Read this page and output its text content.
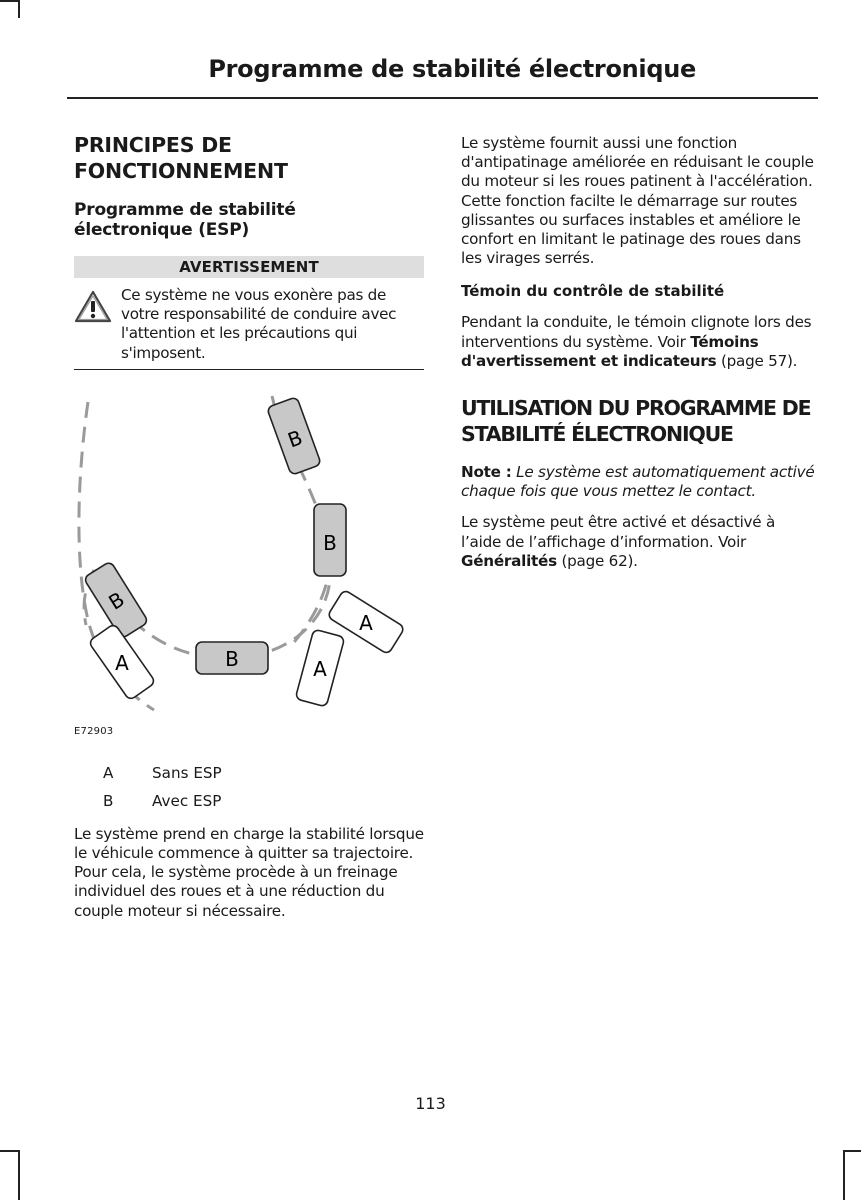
Programme de stabilité électronique
PRINCIPES DE FONCTIONNEMENT
Programme de stabilité électronique (ESP)
AVERTISSEMENT
Ce système ne vous exonère pas de votre responsabilité de conduire avec l'attention et les précautions qui s'imposent.
B
B
B
B
A	A
A
E72903
A	Sans ESP
B	Avec ESP

Le système prend en charge la stabilité lorsque le véhicule commence à quitter sa trajectoire. Pour cela, le système procède à un freinage individuel des roues et à une réduction du couple moteur si nécessaire.

Le système fournit aussi une fonction d'antipatinage améliorée en réduisant le couple du moteur si les roues patinent à l'accélération. Cette fonction facilte le démarrage sur routes glissantes ou surfaces instables et améliore le confort en limitant le patinage des roues dans les virages serrés.

Témoin du contrôle de stabilité

Pendant la conduite, le témoin clignote lors des interventions du système. Voir Témoins d'avertissement et indicateurs (page 57).

UTILISATION DU PROGRAMME DE STABILITÉ ÉLECTRONIQUE

Note : Le système est automatiquement activé chaque fois que vous mettez le contact.

Le système peut être activé et désactivé à l’aide de l’affichage d’information. Voir Généralités (page 62).

113
